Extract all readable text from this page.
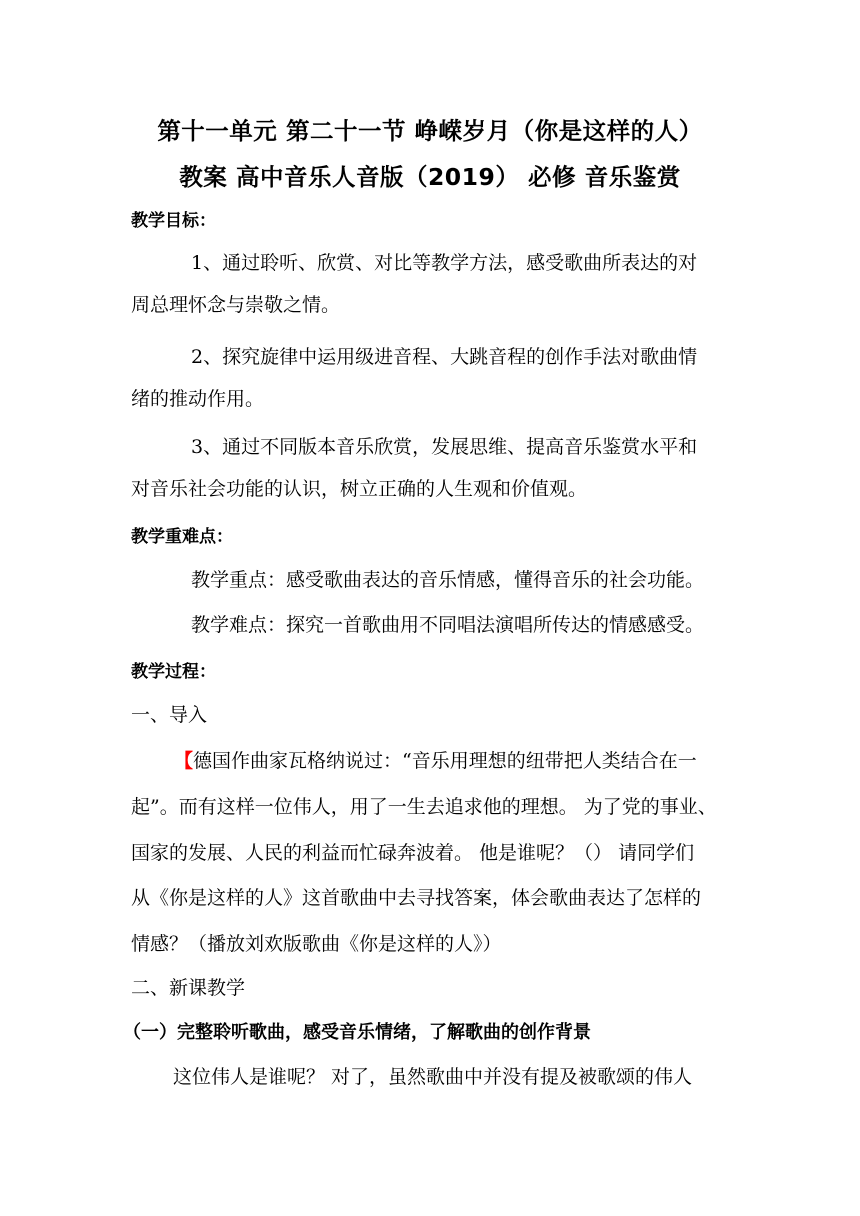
第十一单元 第二十一节 峥嵘岁月（你是这样的人）
教案 高中音乐人音版（2019） 必修 音乐鉴赏
教学目标：
1、通过聆听、欣赏、对比等教学方法，感受歌曲所表达的对
周总理怀念与崇敬之情。
2、探究旋律中运用级进音程、大跳音程的创作手法对歌曲情
绪的推动作用。
3、通过不同版本音乐欣赏，发展思维、提高音乐鉴赏水平和
对音乐社会功能的认识，树立正确的人生观和价值观。
教学重难点：
教学重点：感受歌曲表达的音乐情感，懂得音乐的社会功能。
教学难点：探究一首歌曲用不同唱法演唱所传达的情感感受。
教学过程：
一、导入
【德国作曲家瓦格纳说过：“音乐用理想的纽带把人类结合在一
起”。而有这样一位伟人，用了一生去追求他的理想。 为了党的事业、
国家的发展、人民的利益而忙碌奔波着。 他是谁呢？（） 请同学们
从《你是这样的人》这首歌曲中去寻找答案，体会歌曲表达了怎样的
情感？（播放刘欢版歌曲《你是这样的人》）
二、新课教学
（一）完整聆听歌曲，感受音乐情绪，了解歌曲的创作背景
这位伟人是谁呢？ 对了，虽然歌曲中并没有提及被歌颂的伟人
